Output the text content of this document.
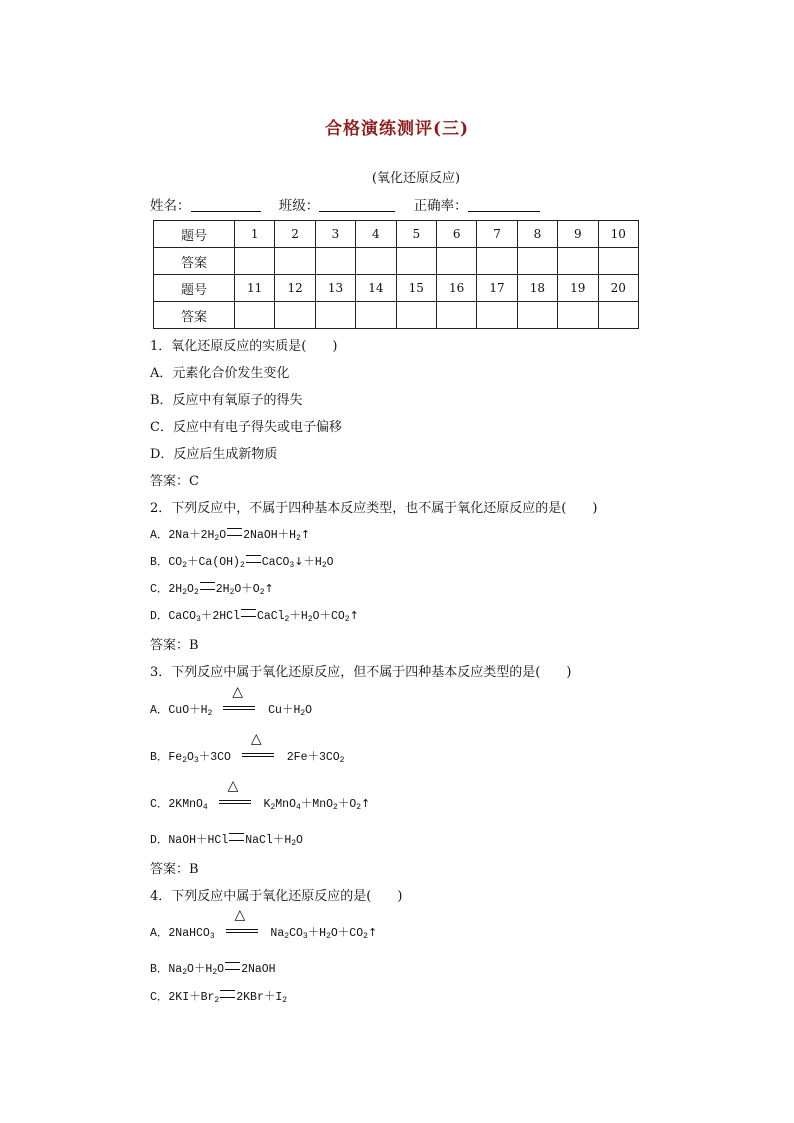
合格演练测评(三)
(氧化还原反应)
姓名：	班级：	正确率：
题号	1	2	3	4	5	6	7	8	9	10
答案										
题号	11	12	13	14	15	16	17	18	19	20
答案										
1．氧化还原反应的实质是(　　)
A．元素化合价发生变化
B．反应中有氧原子的得失
C．反应中有电子得失或电子偏移
D．反应后生成新物质
答案：C
2．下列反应中，不属于四种基本反应类型，也不属于氧化还原反应的是(　　)
A．$2Na+2H_2O$ $2NaOH+H_2↑$
B．$CO_2+Ca(OH)_2$ $CaCO_3↓+H_2O$
C．$2H_2O_2$ $2H_2O+O_2↑$
D．CaCO$_3$＋2HCl $CaCl_2+H_2O+CO_2↑$
答案：B
3．下列反应中属于氧化还原反应，但不属于四种基本反应类型的是(　　)
A．$CuO+H_2$
△
$Cu+H_2O$
B．$Fe_2O_3+3CO$
△
$2Fe+3CO_2$
C．2KMnO$_4$
△
$K_2MnO_4+MnO_2+O_2↑$
D．NaOH＋HCl $NaCl+H_2O$
答案：B
4．下列反应中属于氧化还原反应的是(　　)
A．2NaHCO$_3$
△
$Na_2CO_3+H_2O+CO_2↑$
B．$Na_2O+H_2O$ 2NaOH
C．$2KI+Br_2$ $2KBr+I_2$
